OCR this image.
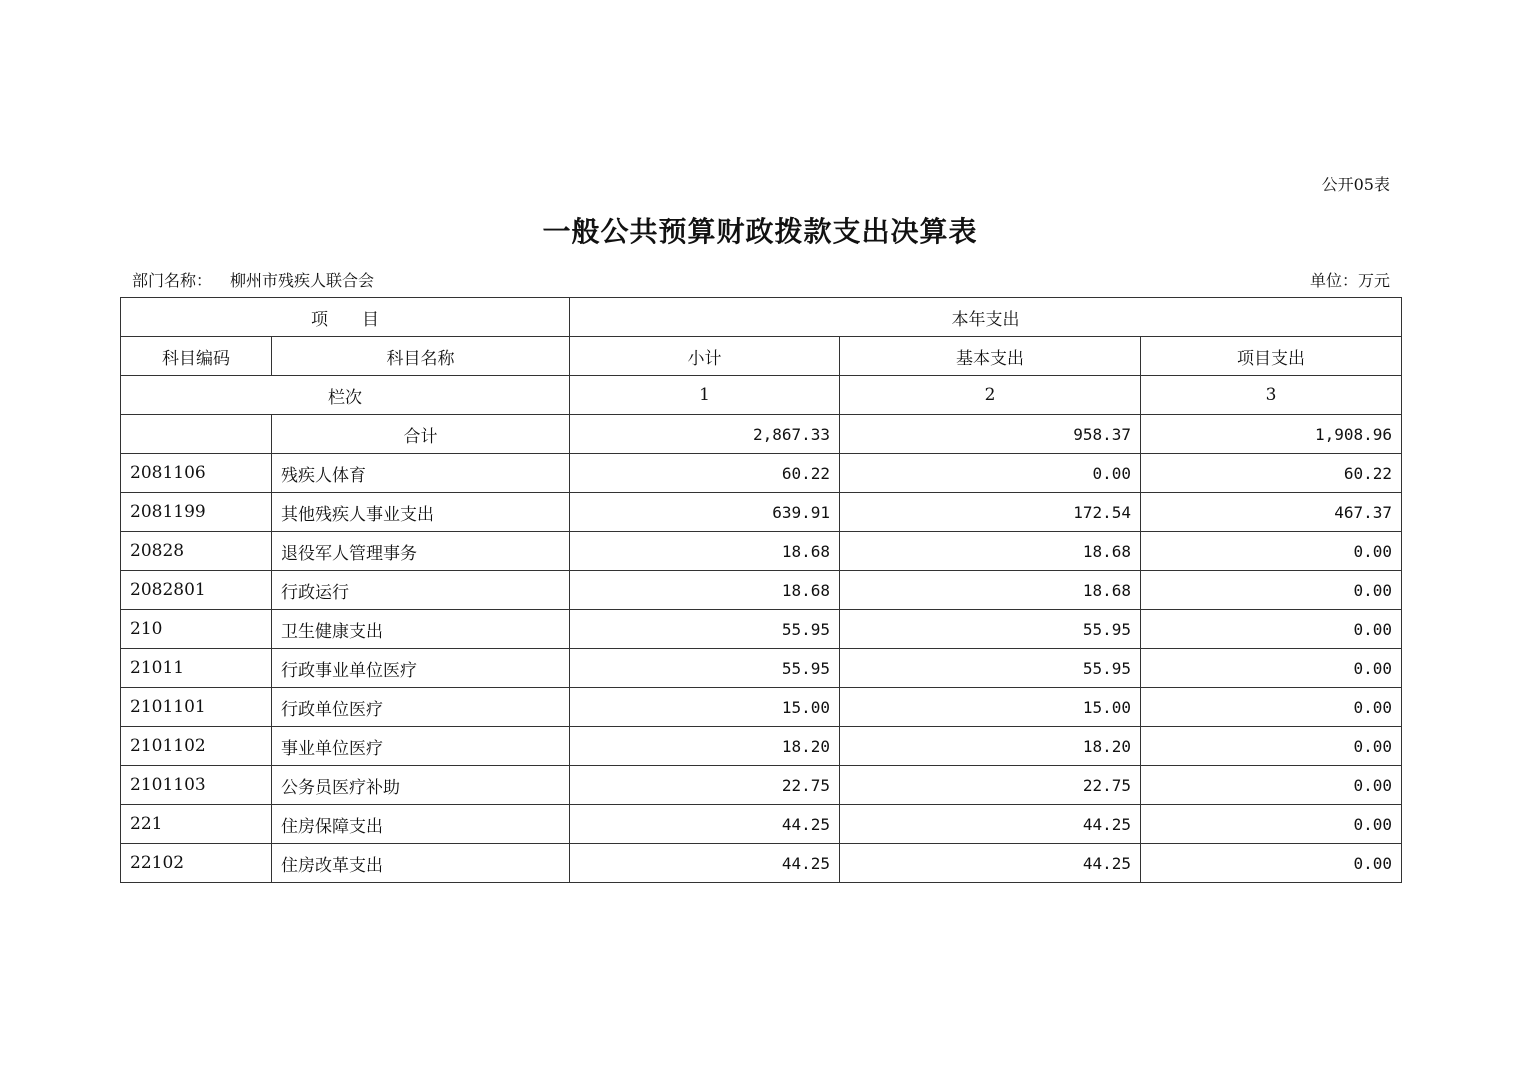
公开05表
一般公共预算财政拨款支出决算表
部门名称： 柳州市残疾人联合会	单位：万元
项　　目		本年支出		
科目编码	科目名称	小计	基本支出	项目支出
栏次		1	2	3
	合计	2,867.33	958.37	1,908.96
2081106	残疾人体育	60.22	0.00	60.22
2081199	其他残疾人事业支出	639.91	172.54	467.37
20828	退役军人管理事务	18.68	18.68	0.00
2082801	行政运行	18.68	18.68	0.00
210	卫生健康支出	55.95	55.95	0.00
21011	行政事业单位医疗	55.95	55.95	0.00
2101101	行政单位医疗	15.00	15.00	0.00
2101102	事业单位医疗	18.20	18.20	0.00
2101103	公务员医疗补助	22.75	22.75	0.00
221	住房保障支出	44.25	44.25	0.00
22102	住房改革支出	44.25	44.25	0.00
